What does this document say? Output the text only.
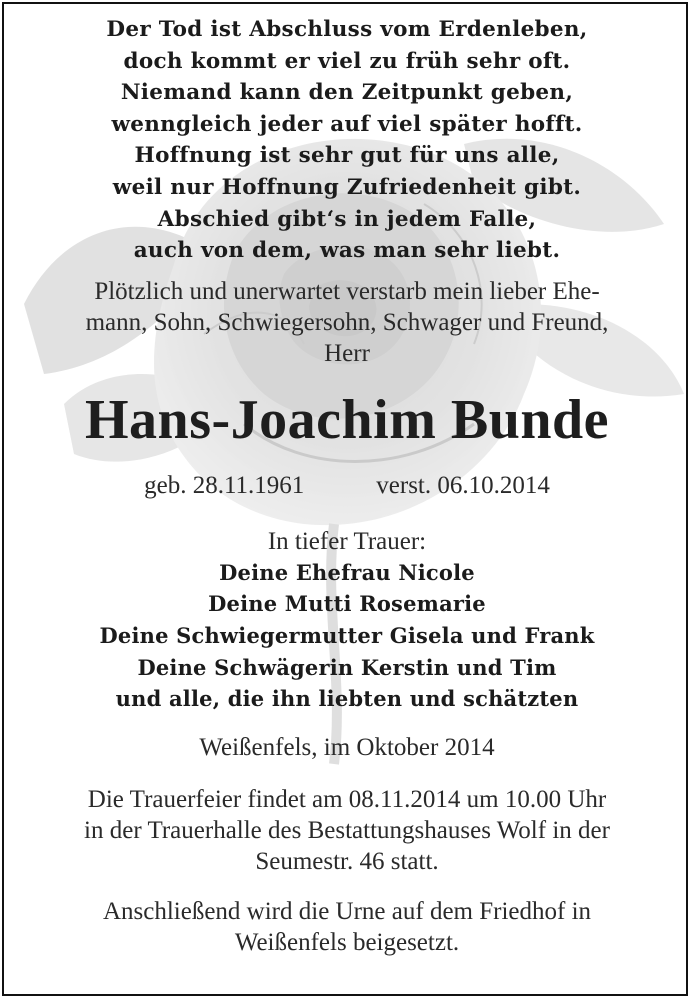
Der Tod ist Abschluss vom Erdenleben,
doch kommt er viel zu früh sehr oft.
Niemand kann den Zeitpunkt geben,
wenngleich jeder auf viel später hofft.
Hoffnung ist sehr gut für uns alle,
weil nur Hoffnung Zufriedenheit gibt.
Abschied gibt‘s in jedem Falle,
auch von dem, was man sehr liebt.
Plötzlich und unerwartet verstarb mein lieber Ehe-
mann, Sohn, Schwiegersohn, Schwager und Freund,
Herr
Hans-Joachim Bunde
geb. 28.11.1961	verst. 06.10.2014
In tiefer Trauer:
Deine Ehefrau Nicole
Deine Mutti Rosemarie
Deine Schwiegermutter Gisela und Frank
Deine Schwägerin Kerstin und Tim
und alle, die ihn liebten und schätzten
Weißenfels, im Oktober 2014
Die Trauerfeier findet am 08.11.2014 um 10.00 Uhr
in der Trauerhalle des Bestattungshauses Wolf in der
Seumestr. 46 statt.
Anschließend wird die Urne auf dem Friedhof in
Weißenfels beigesetzt.
